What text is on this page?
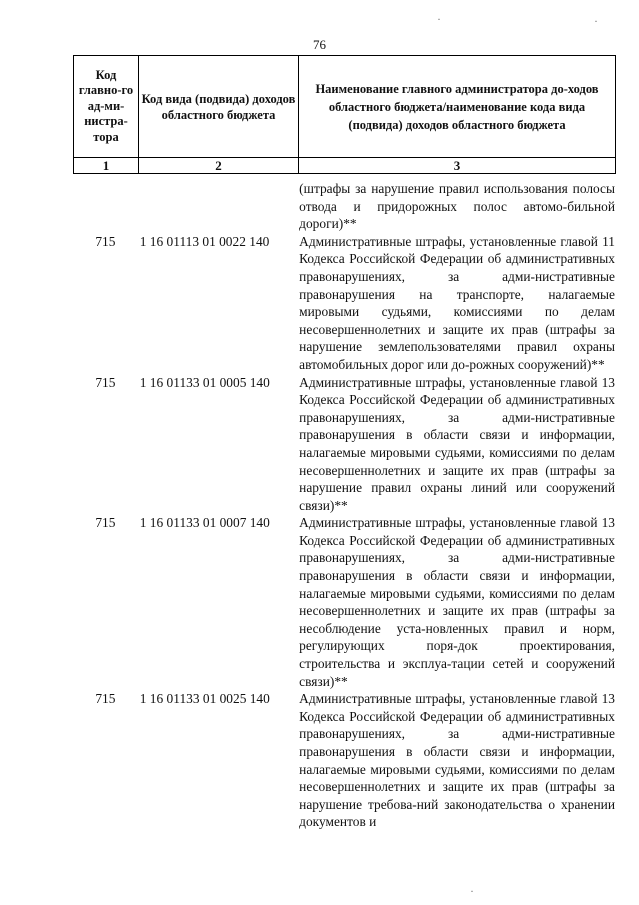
76
Код главно-го ад-ми-нистра-тора	Код вида (подвида) доходов областного бюджета	Наименование главного администратора до-ходов областного бюджета/наименование кода вида (подвида) доходов областного бюджета
1	2	3
(штрафы за нарушение правил использования полосы отвода и придорожных полос автомо-бильной дороги)**
715	1 16 01113 01 0022 140	Административные штрафы, установленные главой 11 Кодекса Российской Федерации об административных правонарушениях, за адми-нистративные правонарушения на транспорте, налагаемые мировыми судьями, комиссиями по делам несовершеннолетних и защите их прав (штрафы за нарушение землепользователями правил охраны автомобильных дорог или до-рожных сооружений)**
715	1 16 01133 01 0005 140	Административные штрафы, установленные главой 13 Кодекса Российской Федерации об административных правонарушениях, за адми-нистративные правонарушения в области связи и информации, налагаемые мировыми судьями, комиссиями по делам несовершеннолетних и защите их прав (штрафы за нарушение правил охраны линий или сооружений связи)**
715	1 16 01133 01 0007 140	Административные штрафы, установленные главой 13 Кодекса Российской Федерации об административных правонарушениях, за адми-нистративные правонарушения в области связи и информации, налагаемые мировыми судьями, комиссиями по делам несовершеннолетних и защите их прав (штрафы за несоблюдение уста-новленных правил и норм, регулирующих поря-док проектирования, строительства и эксплуа-тации сетей и сооружений связи)**
715	1 16 01133 01 0025 140	Административные штрафы, установленные главой 13 Кодекса Российской Федерации об административных правонарушениях, за адми-нистративные правонарушения в области связи и информации, налагаемые мировыми судьями, комиссиями по делам несовершеннолетних и защите их прав (штрафы за нарушение требова-ний законодательства о хранении документов и
·	·
·
